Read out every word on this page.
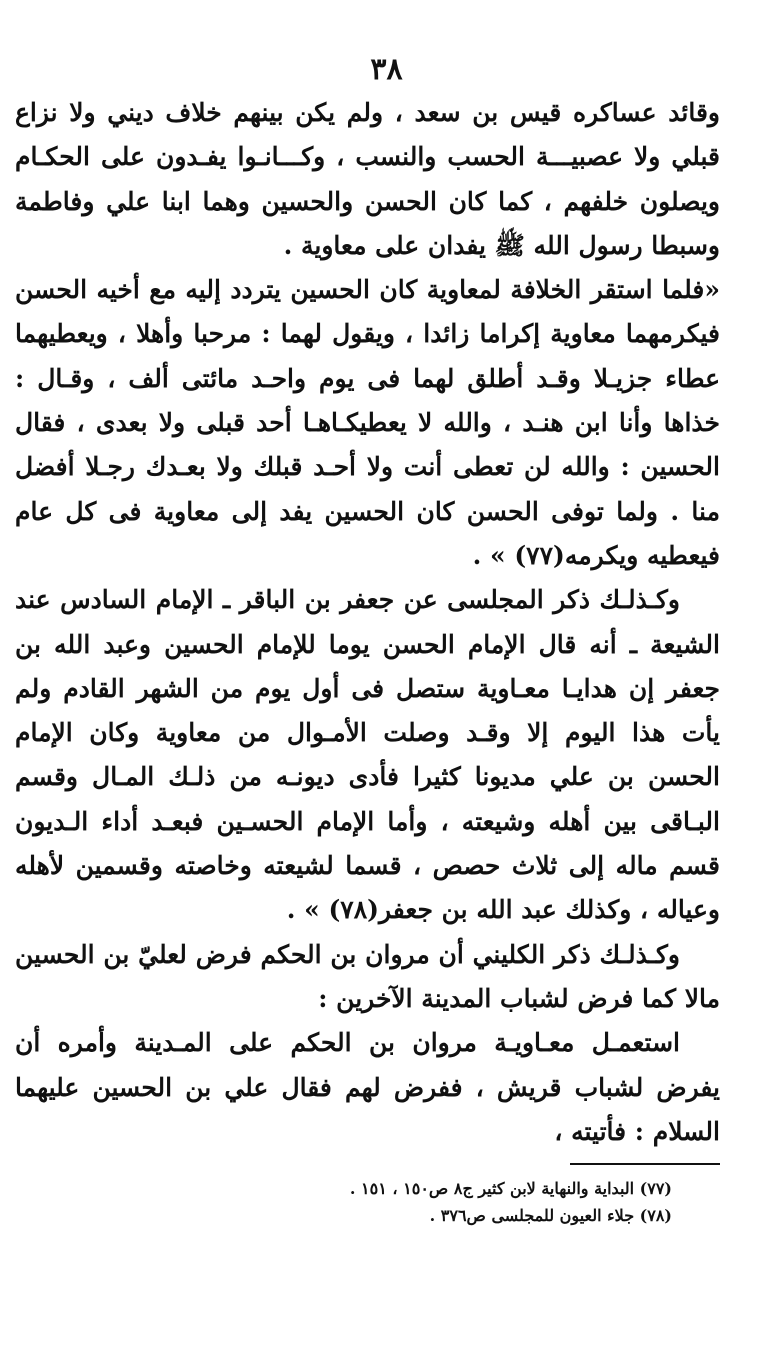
٣٨

وقائد عساكره قيس بن سعد ، ولم يكن بينهم خلاف ديني ولا نزاع قبلي ولا عصبيـــة الحسب والنسب ، وكـــانـوا يفـدون على الحكـام ويصلون خلفهم ، كما كان الحسن والحسين وهما ابنا علي وفاطمة وسبطا رسول الله ﷺ يفدان على معاوية .

«فلما استقر الخلافة لمعاوية كان الحسين يتردد إليه مع أخيه الحسن فيكرمهما معاوية إكراما زائدا ، ويقول لهما : مرحبا وأهلا ، ويعطيهما عطاء جزيـلا وقـد أطلق لهما فى يوم واحـد مائتى ألف ، وقـال : خذاها وأنا ابن هنـد ، والله لا يعطيكـاهـا أحد قبلى ولا بعدى ، فقال الحسين : والله لن تعطى أنت ولا أحـد قبلك ولا بعـدك رجـلا أفضل منا . ولما توفى الحسن كان الحسين يفد إلى معاوية فى كل عام فيعطيه ويكرمه(٧٧) » .

وكـذلـك ذكر المجلسى عن جعفر بن الباقر ـ الإمام السادس عند الشيعة ـ أنه قال الإمام الحسن يوما للإمام الحسين وعبد الله بن جعفر إن هدايـا معـاوية ستصل فى أول يوم من الشهر القادم ولم يأت هذا اليوم إلا وقـد وصلت الأمـوال من معاوية وكان الإمام الحسن بن علي مديونا كثيرا فأدى ديونـه من ذلـك المـال وقسم البـاقى بين أهله وشيعته ، وأما الإمام الحسـين فبعـد أداء الـديون قسم ماله إلى ثلاث حصص ، قسما لشيعته وخاصته وقسمين لأهله وعياله ، وكذلك عبد الله بن جعفر(٧٨) » .

وكـذلـك ذكر الكليني أن مروان بن الحكم فرض لعليّ بن الحسين مالا كما فرض لشباب المدينة الآخرين :

استعمـل معـاويـة مروان بن الحكم على المـدينة وأمره أن يفرض لشباب قريش ، ففرض لهم فقال علي بن الحسين عليهما السلام : فأتيته ،

(٧٧) البداية والنهاية لابن كثير ج٨ ص١٥٠ ، ١٥١ .
(٧٨) جلاء العيون للمجلسى ص٣٧٦ .
